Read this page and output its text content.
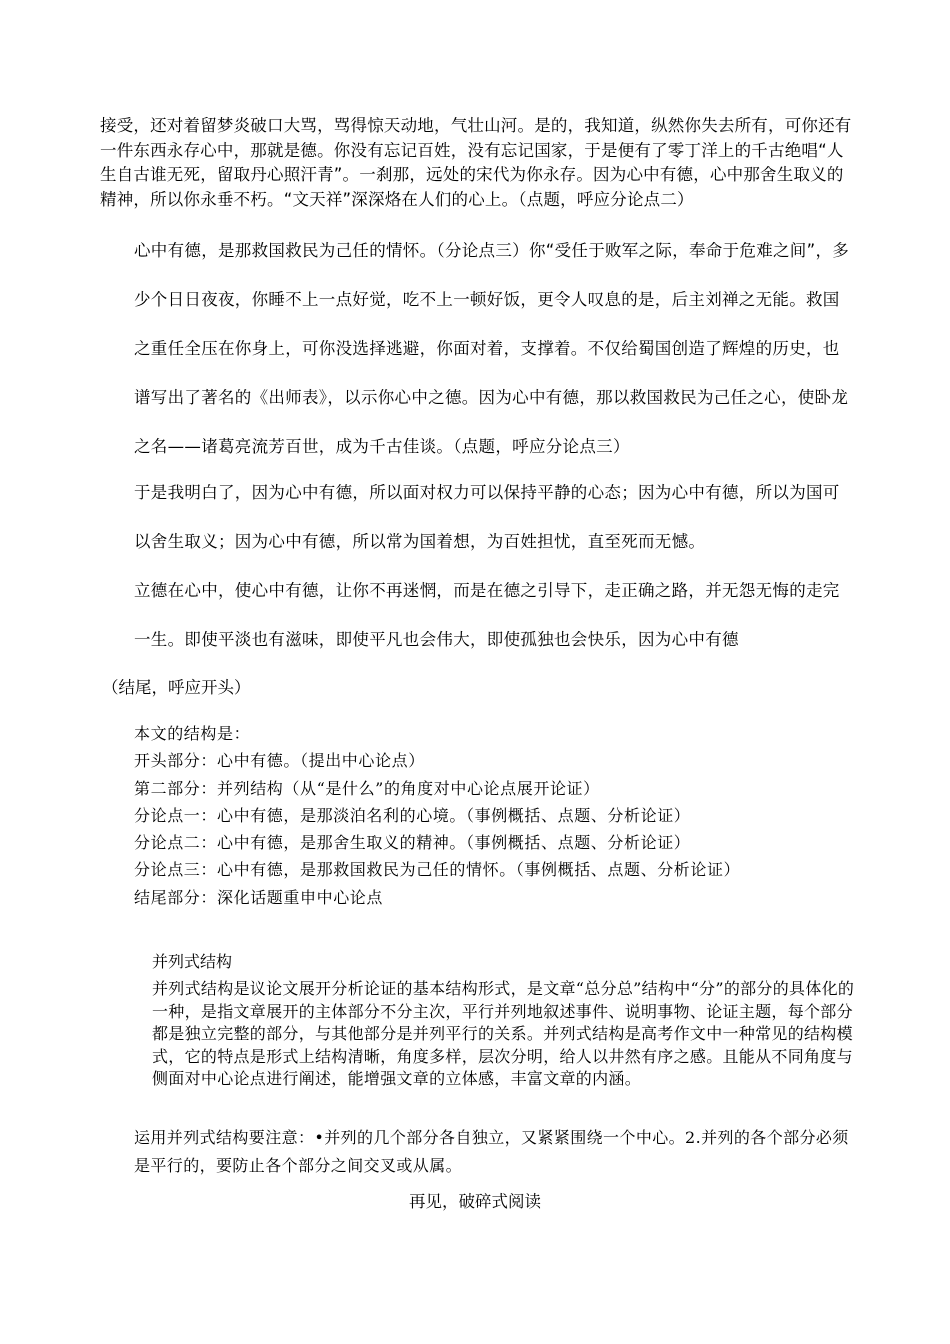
接受，还对着留梦炎破口大骂，骂得惊天动地，气壮山河。是的，我知道，纵然你失去所有，可你还有一件东西永存心中，那就是德。你没有忘记百姓，没有忘记国家，于是便有了零丁洋上的千古绝唱“人生自古谁无死，留取丹心照汗青”。一刹那，远处的宋代为你永存。因为心中有德，心中那舍生取义的精神，所以你永垂不朽。“文天祥”深深烙在人们的心上。（点题，呼应分论点二）
心中有德，是那救国救民为己任的情怀。（分论点三）你“受任于败军之际，奉命于危难之间”，多少个日日夜夜，你睡不上一点好觉，吃不上一顿好饭，更令人叹息的是，后主刘禅之无能。救国之重任全压在你身上，可你没选择逃避，你面对着，支撑着。不仅给蜀国创造了辉煌的历史，也谱写出了著名的《出师表》，以示你心中之德。因为心中有德，那以救国救民为己任之心，使卧龙之名——诸葛亮流芳百世，成为千古佳谈。（点题，呼应分论点三）
于是我明白了，因为心中有德，所以面对权力可以保持平静的心态；因为心中有德，所以为国可以舍生取义；因为心中有德，所以常为国着想，为百姓担忧，直至死而无憾。
立德在心中，使心中有德，让你不再迷惘，而是在德之引导下，走正确之路，并无怨无悔的走完一生。即使平淡也有滋味，即使平凡也会伟大，即使孤独也会快乐，因为心中有德
（结尾，呼应开头）
本文的结构是：
开头部分：心中有德。（提出中心论点）
第二部分：并列结构（从“是什么”的角度对中心论点展开论证）
分论点一：心中有德，是那淡泊名利的心境。（事例概括、点题、分析论证）
分论点二：心中有德，是那舍生取义的精神。（事例概括、点题、分析论证）
分论点三：心中有德，是那救国救民为己任的情怀。（事例概括、点题、分析论证）
结尾部分：深化话题重申中心论点
并列式结构
并列式结构是议论文展开分析论证的基本结构形式，是文章“总分总”结构中“分”的部分的具体化的一种，是指文章展开的主体部分不分主次，平行并列地叙述事件、说明事物、论证主题，每个部分都是独立完整的部分，与其他部分是并列平行的关系。并列式结构是高考作文中一种常见的结构模式，它的特点是形式上结构清晰，角度多样，层次分明，给人以井然有序之感。且能从不同角度与侧面对中心论点进行阐述，能增强文章的立体感，丰富文章的内涵。
运用并列式结构要注意：•并列的几个部分各自独立，又紧紧围绕一个中心。2.并列的各个部分必须是平行的，要防止各个部分之间交叉或从属。
再见，破碎式阅读
